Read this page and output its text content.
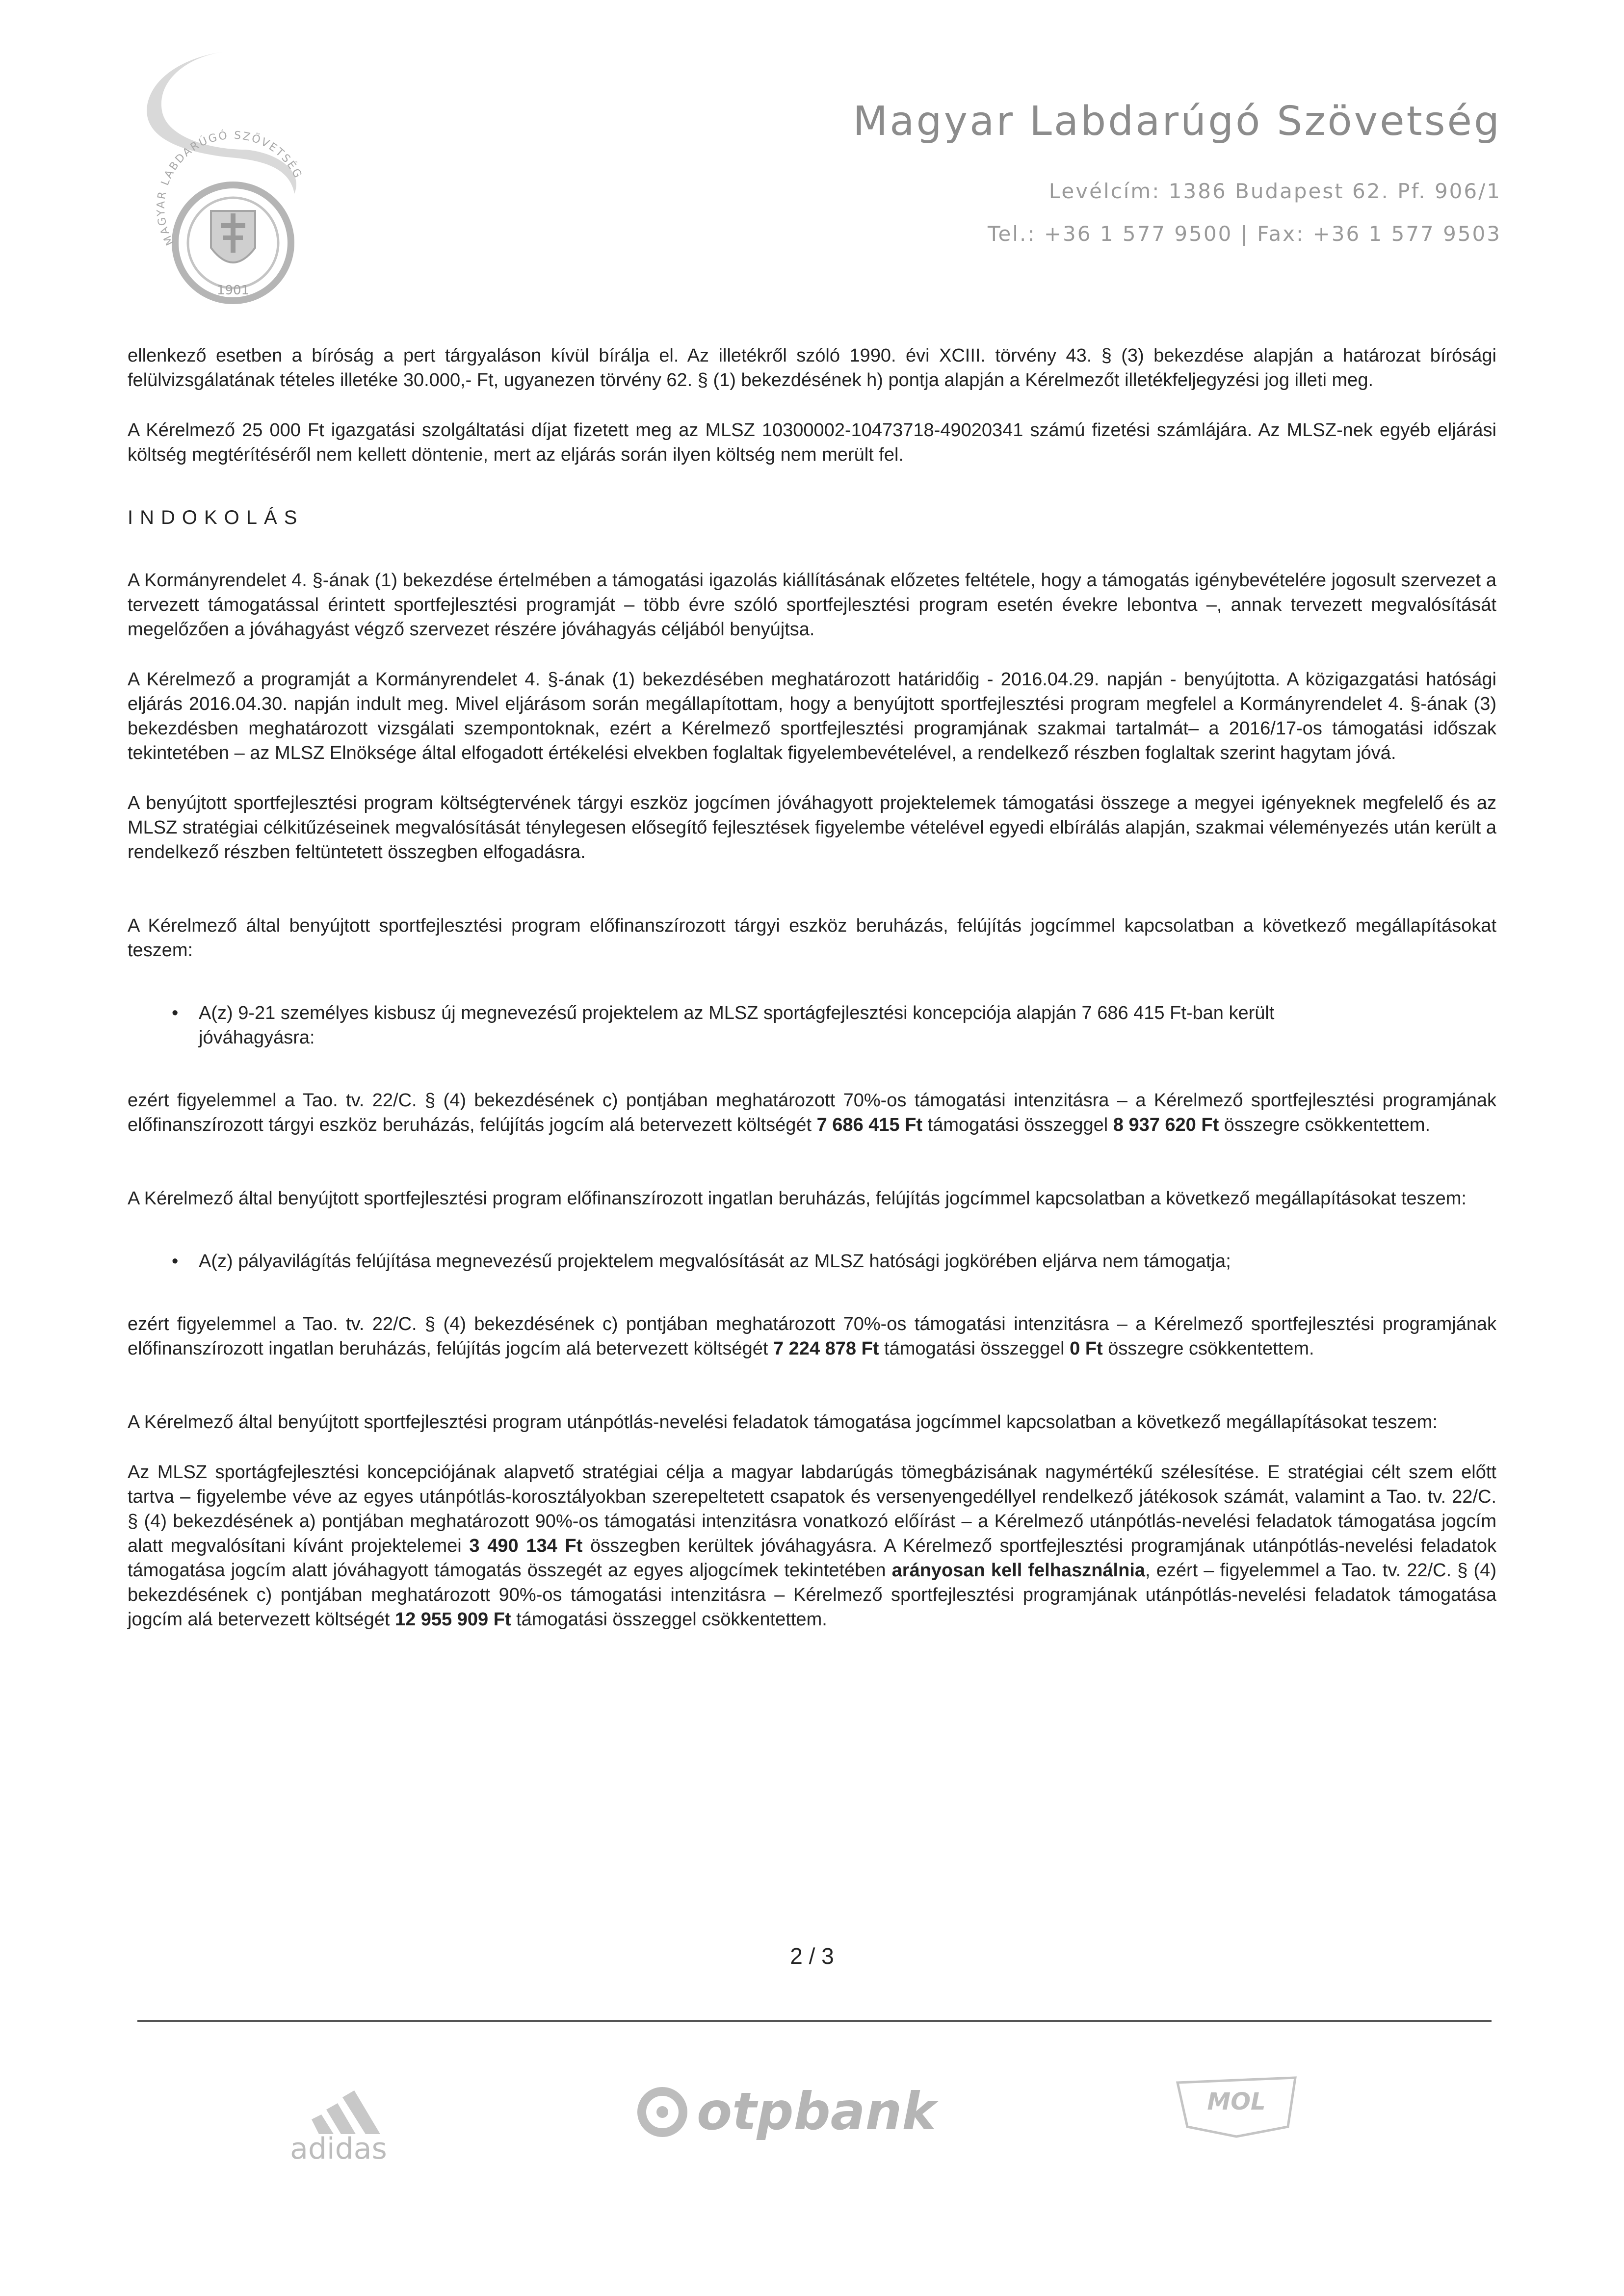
MAGYAR LABDARÚGÓ SZÖVETSÉG
1901
Magyar Labdarúgó Szövetség
Levélcím: 1386 Budapest 62. Pf. 906/1
Tel.: +36 1 577 9500 | Fax: +36 1 577 9503

ellenkező esetben a bíróság a pert tárgyaláson kívül bírálja el. Az illetékről szóló 1990. évi XCIII. törvény 43. § (3) bekezdése alapján a határozat bírósági felülvizsgálatának tételes illetéke 30.000,- Ft, ugyanezen törvény 62. § (1) bekezdésének h) pontja alapján a Kérelmezőt illetékfeljegyzési jog illeti meg.

A Kérelmező 25 000 Ft igazgatási szolgáltatási díjat fizetett meg az MLSZ 10300002-10473718-49020341 számú fizetési számlájára. Az MLSZ-nek egyéb eljárási költség megtérítéséről nem kellett döntenie, mert az eljárás során ilyen költség nem merült fel.

INDOKOLÁS

A Kormányrendelet 4. §-ának (1) bekezdése értelmében a támogatási igazolás kiállításának előzetes feltétele, hogy a támogatás igénybevételére jogosult szervezet a tervezett támogatással érintett sportfejlesztési programját – több évre szóló sportfejlesztési program esetén évekre lebontva –, annak tervezett megvalósítását megelőzően a jóváhagyást végző szervezet részére jóváhagyás céljából benyújtsa.

A Kérelmező a programját a Kormányrendelet 4. §-ának (1) bekezdésében meghatározott határidőig - 2016.04.29. napján - benyújtotta. A közigazgatási hatósági eljárás 2016.04.30. napján indult meg. Mivel eljárásom során megállapítottam, hogy a benyújtott sportfejlesztési program megfelel a Kormányrendelet 4. §-ának (3) bekezdésben meghatározott vizsgálati szempontoknak, ezért a Kérelmező sportfejlesztési programjának szakmai tartalmát– a 2016/17-os támogatási időszak tekintetében – az MLSZ Elnöksége által elfogadott értékelési elvekben foglaltak figyelembevételével, a rendelkező részben foglaltak szerint hagytam jóvá.

A benyújtott sportfejlesztési program költségtervének tárgyi eszköz jogcímen jóváhagyott projektelemek támogatási összege a megyei igényeknek megfelelő és az MLSZ stratégiai célkitűzéseinek megvalósítását ténylegesen elősegítő fejlesztések figyelembe vételével egyedi elbírálás alapján, szakmai véleményezés után került a rendelkező részben feltüntetett összegben elfogadásra.

A Kérelmező által benyújtott sportfejlesztési program előfinanszírozott tárgyi eszköz beruházás, felújítás jogcímmel kapcsolatban a következő megállapításokat teszem:

•	A(z) 9-21 személyes kisbusz új megnevezésű projektelem az MLSZ sportágfejlesztési koncepciója alapján 7 686 415 Ft-ban került jóváhagyásra:

ezért figyelemmel a Tao. tv. 22/C. § (4) bekezdésének c) pontjában meghatározott 70%-os támogatási intenzitásra – a Kérelmező sportfejlesztési programjának előfinanszírozott tárgyi eszköz beruházás, felújítás jogcím alá betervezett költségét 7 686 415 Ft támogatási összeggel 8 937 620 Ft összegre csökkentettem.

A Kérelmező által benyújtott sportfejlesztési program előfinanszírozott ingatlan beruházás, felújítás jogcímmel kapcsolatban a következő megállapításokat teszem:

•	A(z) pályavilágítás felújítása megnevezésű projektelem megvalósítását az MLSZ hatósági jogkörében eljárva nem támogatja;

ezért figyelemmel a Tao. tv. 22/C. § (4) bekezdésének c) pontjában meghatározott 70%-os támogatási intenzitásra – a Kérelmező sportfejlesztési programjának előfinanszírozott ingatlan beruházás, felújítás jogcím alá betervezett költségét 7 224 878 Ft támogatási összeggel 0 Ft összegre csökkentettem.

A Kérelmező által benyújtott sportfejlesztési program utánpótlás-nevelési feladatok támogatása jogcímmel kapcsolatban a következő megállapításokat teszem:

Az MLSZ sportágfejlesztési koncepciójának alapvető stratégiai célja a magyar labdarúgás tömegbázisának nagymértékű szélesítése. E stratégiai célt szem előtt tartva – figyelembe véve az egyes utánpótlás-korosztályokban szerepeltetett csapatok és versenyengedéllyel rendelkező játékosok számát, valamint a Tao. tv. 22/C. § (4) bekezdésének a) pontjában meghatározott 90%-os támogatási intenzitásra vonatkozó előírást – a Kérelmező utánpótlás-nevelési feladatok támogatása jogcím alatt megvalósítani kívánt projektelemei 3 490 134 Ft összegben kerültek jóváhagyásra. A Kérelmező sportfejlesztési programjának utánpótlás-nevelési feladatok támogatása jogcím alatt jóváhagyott támogatás összegét az egyes aljogcímek tekintetében arányosan kell felhasználnia, ezért – figyelemmel a Tao. tv. 22/C. § (4) bekezdésének c) pontjában meghatározott 90%-os támogatási intenzitásra – Kérelmező sportfejlesztési programjának utánpótlás-nevelési feladatok támogatása jogcím alá betervezett költségét 12 955 909 Ft támogatási összeggel csökkentettem.

2 / 3
adidas
otpbank	MOL
